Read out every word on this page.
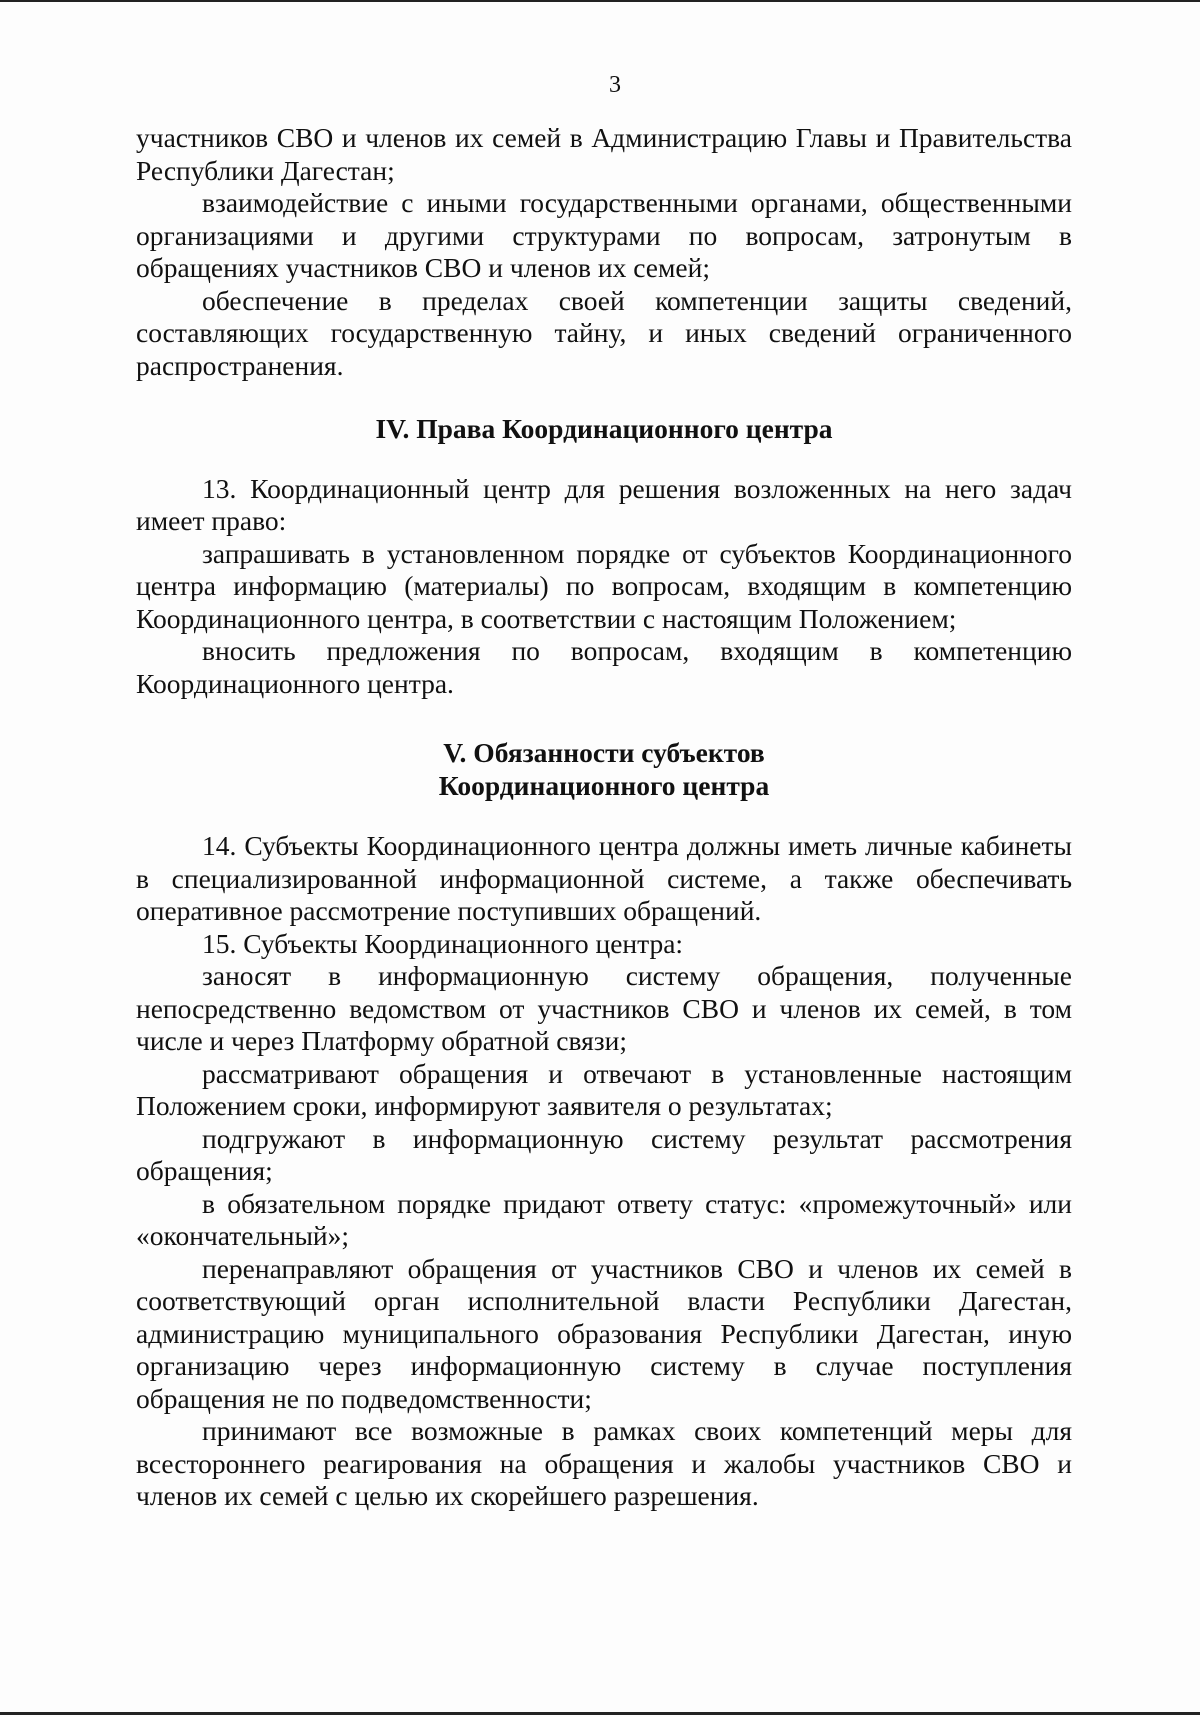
3

участников СВО и членов их семей в Администрацию Главы и Правительства Республики Дагестан;

взаимодействие с иными государственными органами, общественными организациями и другими структурами по вопросам, затронутым в обращениях участников СВО и членов их семей;

обеспечение в пределах своей компетенции защиты сведений, составляющих государственную тайну, и иных сведений ограниченного распространения.

IV. Права Координационного центра

13. Координационный центр для решения возложенных на него задач имеет право:

запрашивать в установленном порядке от субъектов Координационного центра информацию (материалы) по вопросам, входящим в компетенцию Координационного центра, в соответствии с настоящим Положением;

вносить предложения по вопросам, входящим в компетенцию Координационного центра.

V. Обязанности субъектов

Координационного центра

14. Субъекты Координационного центра должны иметь личные кабинеты в специализированной информационной системе, а также обеспечивать оперативное рассмотрение поступивших обращений.

15. Субъекты Координационного центра:

заносят в информационную систему обращения, полученные непосредственно ведомством от участников СВО и членов их семей, в том числе и через Платформу обратной связи;

рассматривают обращения и отвечают в установленные настоящим Положением сроки, информируют заявителя о результатах;

подгружают в информационную систему результат рассмотрения обращения;

в обязательном порядке придают ответу статус: «промежуточный» или «окончательный»;

перенаправляют обращения от участников СВО и членов их семей в соответствующий орган исполнительной власти Республики Дагестан, администрацию муниципального образования Республики Дагестан, иную организацию через информационную систему в случае поступления обращения не по подведомственности;

принимают все возможные в рамках своих компетенций меры для всестороннего реагирования на обращения и жалобы участников СВО и членов их семей с целью их скорейшего разрешения.
